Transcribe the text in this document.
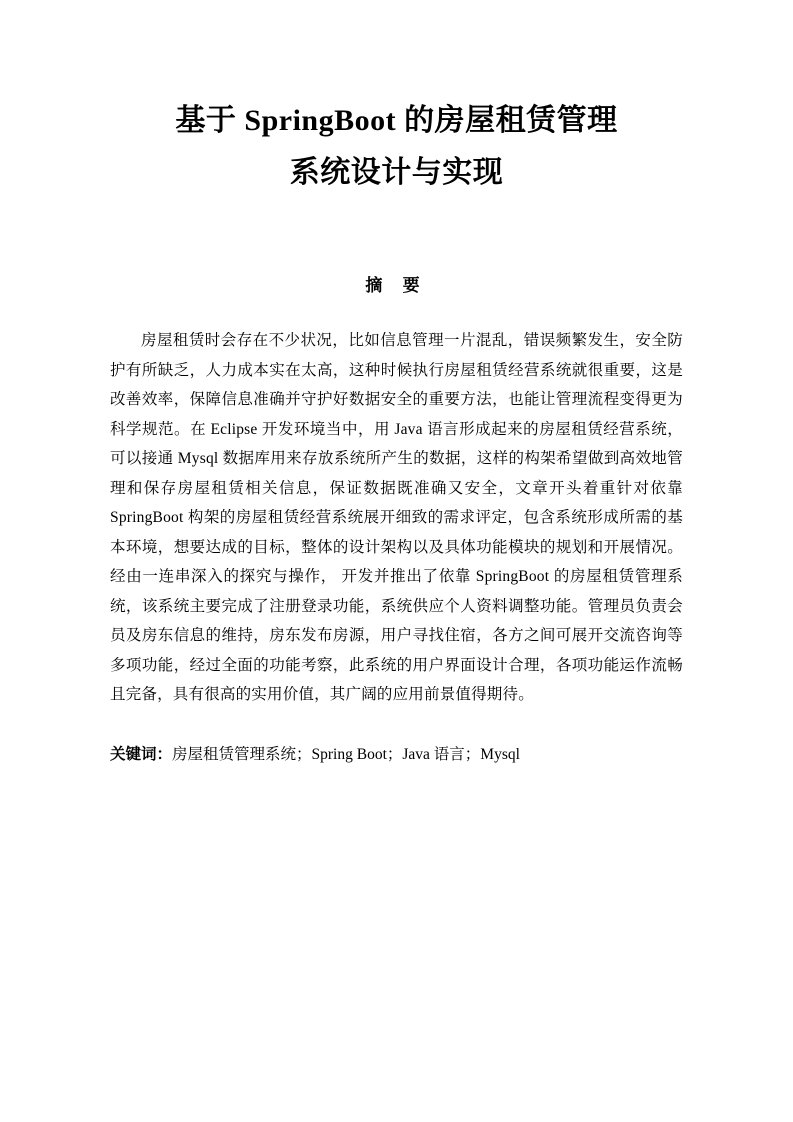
基于 SpringBoot 的房屋租赁管理
系统设计与实现
摘 要

房屋租赁时会存在不少状况，比如信息管理一片混乱，错误频繁发生，安全防护有所缺乏，人力成本实在太高，这种时候执行房屋租赁经营系统就很重要，这是改善效率，保障信息准确并守护好数据安全的重要方法，也能让管理流程变得更为科学规范。在 Eclipse 开发环境当中，用 Java 语言形成起来的房屋租赁经营系统，可以接通 Mysql 数据库用来存放系统所产生的数据，这样的构架希望做到高效地管理和保存房屋租赁相关信息，保证数据既准确又安全，文章开头着重针对依靠 SpringBoot 构架的房屋租赁经营系统展开细致的需求评定，包含系统形成所需的基本环境，想要达成的目标，整体的设计架构以及具体功能模块的规划和开展情况。 经由一连串深入的探究与操作， 开发并推出了依靠 SpringBoot 的房屋租赁管理系统，该系统主要完成了注册登录功能，系统供应个人资料调整功能。管理员负责会员及房东信息的维持，房东发布房源，用户寻找住宿，各方之间可展开交流咨询等多项功能，经过全面的功能考察，此系统的用户界面设计合理，各项功能运作流畅且完备，具有很高的实用价值，其广阔的应用前景值得期待。

关键词：房屋租赁管理系统；Spring Boot；Java 语言；Mysql
